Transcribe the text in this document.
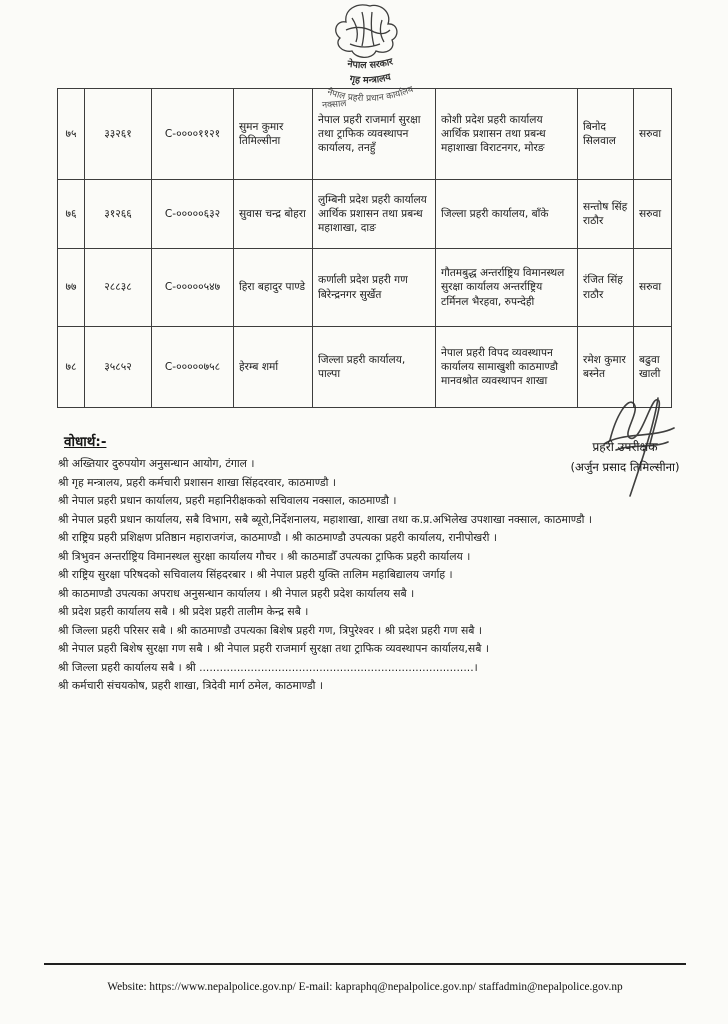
नेपाल सरकार
गृह मन्त्रालय
नेपाल प्रहरी प्रधान कार्यालय
नक्साल
७५	३३२६१	C-००००११२१	सुमन कुमार तिमिल्सीना	नेपाल प्रहरी राजमार्ग सुरक्षा तथा ट्राफिक व्यवस्थापन कार्यालय, तनहुँ	कोशी प्रदेश प्रहरी कार्यालय आर्थिक प्रशासन तथा प्रबन्ध महाशाखा विराटनगर, मोरङ	बिनोद सिलवाल	सरुवा
७६	३१२६६	C-०००००६३२	सुवास चन्द्र बोहरा	लुम्बिनी प्रदेश प्रहरी कार्यालय आर्थिक प्रशासन तथा प्रबन्ध महाशाखा, दाङ	जिल्ला प्रहरी कार्यालय, बाँके	सन्तोष सिंह राठौर	सरुवा
७७	२८८३८	C-०००००५४७	हिरा बहादुर पाण्डे	कर्णाली प्रदेश प्रहरी गण बिरेन्द्रनगर सुर्खेत	गौतमबुद्ध अन्तर्राष्ट्रिय विमानस्थल सुरक्षा कार्यालय अन्तर्राष्ट्रिय टर्मिनल भैरहवा, रुपन्देही	रंजित सिंह राठौर	सरुवा
७८	३५८५२	C-०००००७५८	हेरम्ब शर्मा	जिल्ला प्रहरी कार्यालय, पाल्पा	नेपाल प्रहरी विपद व्यवस्थापन कार्यालय सामाखुशी काठमाण्डौ मानवश्रोत व्यवस्थापन शाखा	रमेश कुमार बस्नेत	बढुवा खाली
प्रहरी उपरीक्षक
(अर्जुन प्रसाद तिमिल्सीना)
वोधार्थ:-
श्री अख्तियार दुरुपयोग अनुसन्धान आयोग, टंगाल ।
श्री गृह मन्त्रालय, प्रहरी कर्मचारी प्रशासन शाखा सिंहदरवार, काठमाण्डौ ।
श्री नेपाल प्रहरी प्रधान कार्यालय, प्रहरी महानिरीक्षकको सचिवालय नक्साल, काठमाण्डौ ।
श्री नेपाल प्रहरी प्रधान कार्यालय, सबै विभाग, सबै ब्यूरो,निर्देशनालय, महाशाखा, शाखा तथा क.प्र.अभिलेख उपशाखा नक्साल, काठमाण्डौ ।
श्री राष्ट्रिय प्रहरी प्रशिक्षण प्रतिष्ठान महाराजगंज, काठमाण्डौ । श्री काठमाण्डौ उपत्यका प्रहरी कार्यालय, रानीपोखरी ।
श्री त्रिभुवन अन्तर्राष्ट्रिय विमानस्थल सुरक्षा कार्यालय गौचर । श्री काठमाडौँ उपत्यका ट्राफिक प्रहरी कार्यालय ।
श्री राष्ट्रिय सुरक्षा परिषदको सचिवालय सिंहदरबार । श्री नेपाल प्रहरी युक्ति तालिम महाबिद्यालय जर्गाह ।
श्री काठमाण्डौ उपत्यका अपराध अनुसन्धान कार्यालय । श्री नेपाल प्रहरी प्रदेश कार्यालय सबै ।
श्री प्रदेश प्रहरी कार्यालय सबै । श्री प्रदेश प्रहरी तालीम केन्द्र सबै ।
श्री जिल्ला प्रहरी परिसर सबै । श्री काठमाण्डौ उपत्यका बिशेष प्रहरी गण, त्रिपुरेश्वर । श्री प्रदेश प्रहरी गण सबै ।
श्री नेपाल प्रहरी बिशेष सुरक्षा गण सबै । श्री नेपाल प्रहरी राजमार्ग सुरक्षा तथा ट्राफिक व्यवस्थापन कार्यालय,सबै ।
श्री जिल्ला प्रहरी कार्यालय सबै । श्री ................................................................................।
श्री कर्मचारी संचयकोष, प्रहरी शाखा, त्रिदेवी मार्ग ठमेल, काठमाण्डौ ।
Website: https://www.nepalpolice.gov.np/ E-mail: kapraphq@nepalpolice.gov.np/ staffadmin@nepalpolice.gov.np
